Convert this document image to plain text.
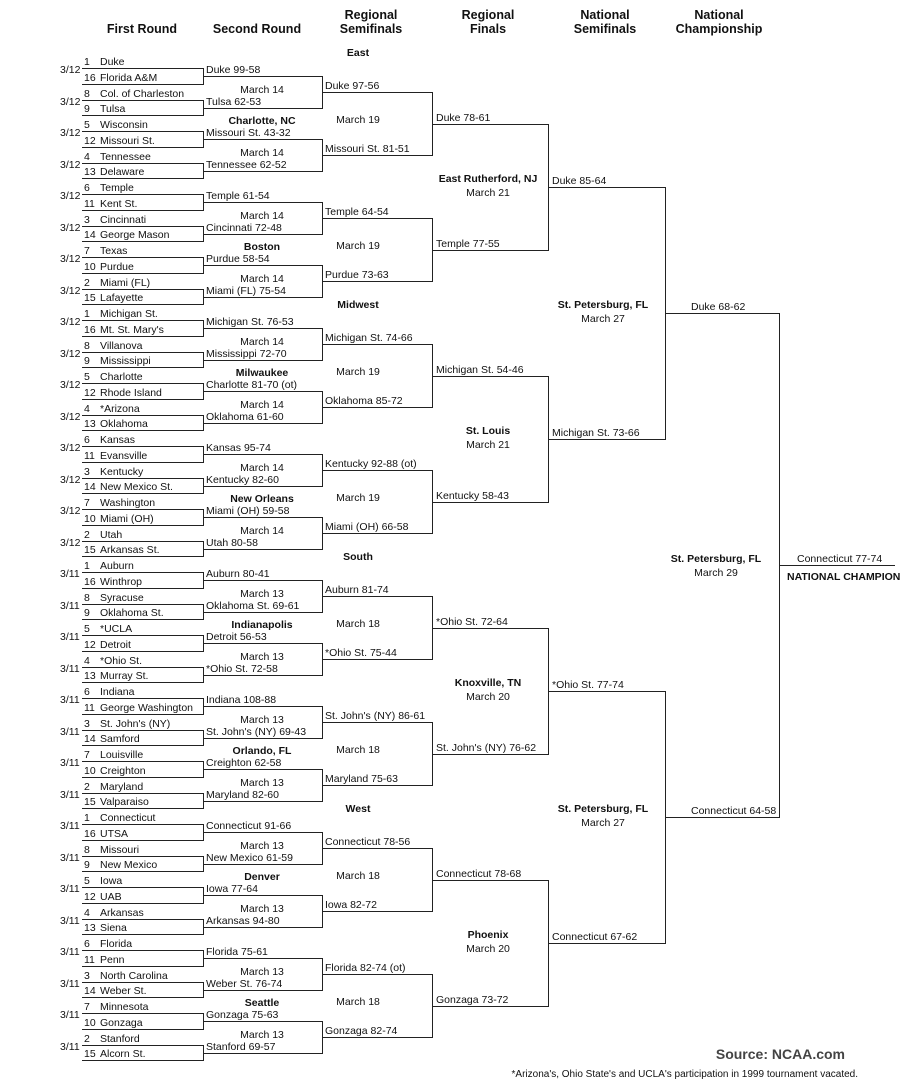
First Round	Second Round
Regional
Semifinals
Regional
Finals
National
Semifinals
National
Championship
Source: NCAA.com
*Arizona's, Ohio State's and UCLA's participation in 1999 tournament vacated.
1 Duke
16 Florida A&M
8 Col. of Charleston
9 Tulsa
5 Wisconsin
12 Missouri St.
4 Tennessee
13 Delaware
6 Temple
11 Kent St.
3 Cincinnati
14 George Mason
7 Texas
10 Purdue
2 Miami (FL)
15 Lafayette
3/12
3/12
3/12
3/12
3/12
3/12
3/12
3/12
Duke 99-58
Tulsa 62-53
Missouri St. 43-32
Tennessee 62-52
Temple 61-54
Cincinnati 72-48
Purdue 58-54
Miami (FL) 75-54
Duke 97-56
March 14
Missouri St. 81-51
March 14
Temple 64-54
March 14
Purdue 73-63
March 14
East
Charlotte, NC
Boston
Duke 78-61
March 19
Temple 77-55
March 19
Duke 85-64
East Rutherford, NJ
March 21
1 Michigan St.
16 Mt. St. Mary's
8 Villanova
9 Mississippi
5 Charlotte
12 Rhode Island
4 *Arizona
13 Oklahoma
6 Kansas
11 Evansville
3 Kentucky
14 New Mexico St.
7 Washington
10 Miami (OH)
2 Utah
15 Arkansas St.
3/12
3/12
3/12
3/12
3/12
3/12
3/12
3/12
Michigan St. 76-53
Mississippi 72-70
Charlotte 81-70 (ot)
Oklahoma 61-60
Kansas 95-74
Kentucky 82-60
Miami (OH) 59-58
Utah 80-58
Michigan St. 74-66
March 14
Oklahoma 85-72
March 14
Kentucky 92-88 (ot)
March 14
Miami (OH) 66-58
March 14
Midwest
Milwaukee
New Orleans
Michigan St. 54-46
March 19
Kentucky 58-43
March 19
Michigan St. 73-66
St. Louis
March 21
1 Auburn
16 Winthrop
8 Syracuse
9 Oklahoma St.
5 *UCLA
12 Detroit
4 *Ohio St.
13 Murray St.
6 Indiana
11 George Washington
3 St. John's (NY)
14 Samford
7 Louisville
10 Creighton
2 Maryland
15 Valparaiso
3/11
3/11
3/11
3/11
3/11
3/11
3/11
3/11
Auburn 80-41
Oklahoma St. 69-61
Detroit 56-53
*Ohio St. 72-58
Indiana 108-88
St. John's (NY) 69-43
Creighton 62-58
Maryland 82-60
Auburn 81-74
March 13
*Ohio St. 75-44
March 13
St. John's (NY) 86-61
March 13
Maryland 75-63
March 13
South
Indianapolis
Orlando, FL
*Ohio St. 72-64
March 18
St. John's (NY) 76-62
March 18
*Ohio St. 77-74
Knoxville, TN
March 20
1 Connecticut
16 UTSA
8 Missouri
9 New Mexico
5 Iowa
12 UAB
4 Arkansas
13 Siena
6 Florida
11 Penn
3 North Carolina
14 Weber St.
7 Minnesota
10 Gonzaga
2 Stanford
15 Alcorn St.
3/11
3/11
3/11
3/11
3/11
3/11
3/11
3/11
Connecticut 91-66
New Mexico 61-59
Iowa 77-64
Arkansas 94-80
Florida 75-61
Weber St. 76-74
Gonzaga 75-63
Stanford 69-57
Connecticut 78-56
March 13
Iowa 82-72
March 13
Florida 82-74 (ot)
March 13
Gonzaga 82-74
March 13
West
Denver
Seattle
Connecticut 78-68
March 18
Gonzaga 73-72
March 18
Connecticut 67-62
Phoenix
March 20
Duke 68-62
St. Petersburg, FL
March 27
Connecticut 64-58
St. Petersburg, FL
March 27
Connecticut 77-74
NATIONAL CHAMPION
St. Petersburg, FL
March 29
